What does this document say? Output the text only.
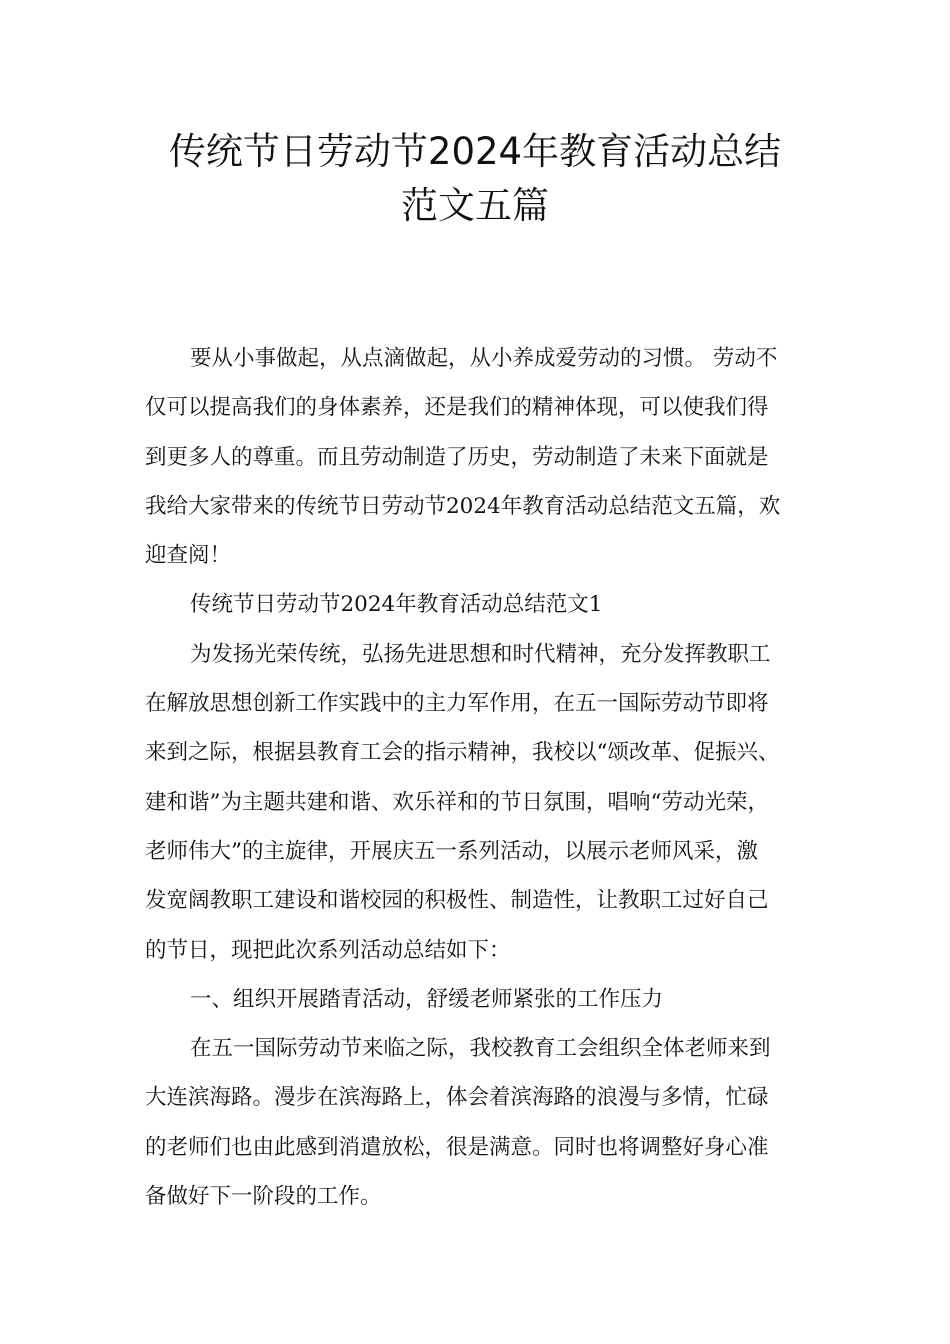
传统节日劳动节2024年教育活动总结
范文五篇

要从小事做起，从点滴做起，从小养成爱劳动的习惯。 劳动不
仅可以提高我们的身体素养，还是我们的精神体现，可以使我们得
到更多人的尊重。而且劳动制造了历史，劳动制造了未来下面就是
我给大家带来的传统节日劳动节2024年教育活动总结范文五篇，欢
迎查阅！

传统节日劳动节2024年教育活动总结范文1

为发扬光荣传统，弘扬先进思想和时代精神，充分发挥教职工
在解放思想创新工作实践中的主力军作用，在五一国际劳动节即将
来到之际，根据县教育工会的指示精神，我校以“颂改革、促振兴、
建和谐”为主题共建和谐、欢乐祥和的节日氛围，唱响“劳动光荣，
老师伟大”的主旋律，开展庆五一系列活动，以展示老师风采，激
发宽阔教职工建设和谐校园的积极性、制造性，让教职工过好自己
的节日，现把此次系列活动总结如下：

一、组织开展踏青活动，舒缓老师紧张的工作压力

在五一国际劳动节来临之际，我校教育工会组织全体老师来到
大连滨海路。漫步在滨海路上，体会着滨海路的浪漫与多情，忙碌
的老师们也由此感到消遣放松，很是满意。同时也将调整好身心准
备做好下一阶段的工作。
